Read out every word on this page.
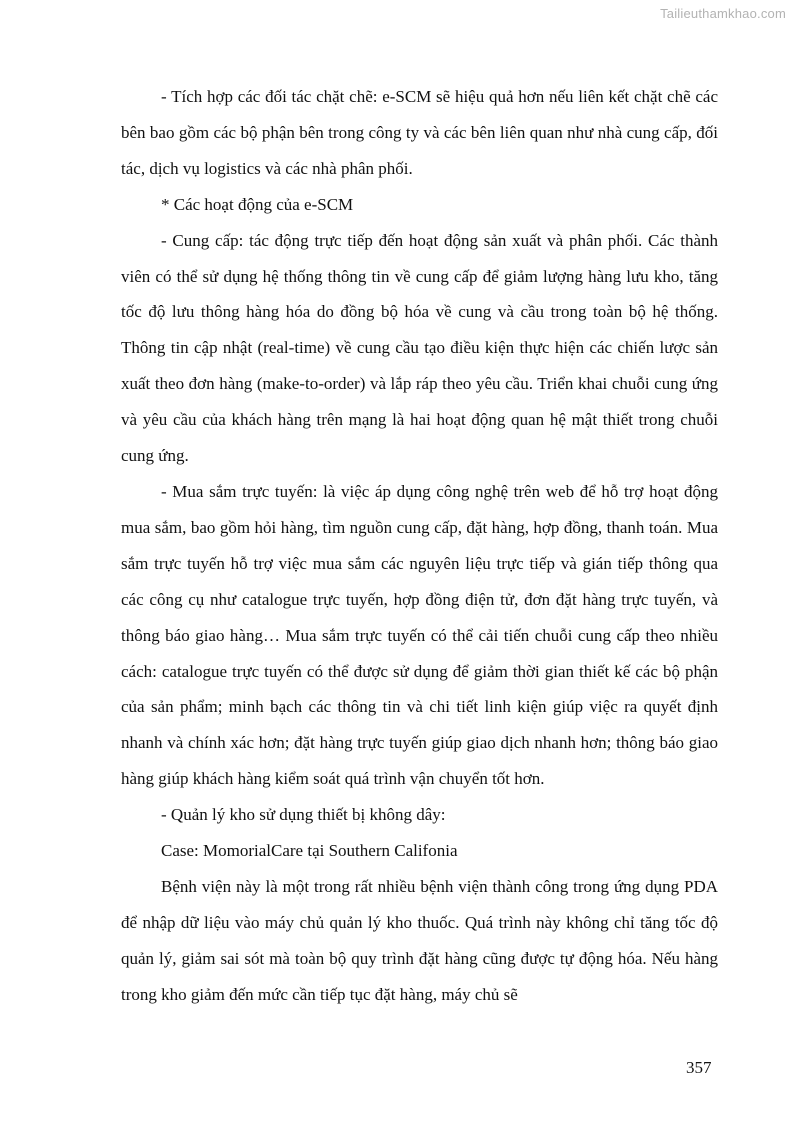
Tailieuthamkhao.com

- Tích hợp các đối tác chặt chẽ: e-SCM sẽ hiệu quả hơn nếu liên kết chặt chẽ các bên bao gồm các bộ phận bên trong công ty và các bên liên quan như nhà cung cấp, đối tác, dịch vụ logistics và các nhà phân phối.

* Các hoạt động của e-SCM

- Cung cấp: tác động trực tiếp đến hoạt động sản xuất và phân phối. Các thành viên có thể sử dụng hệ thống thông tin về cung cấp để giảm lượng hàng lưu kho, tăng tốc độ lưu thông hàng hóa do đồng bộ hóa về cung và cầu trong toàn bộ hệ thống. Thông tin cập nhật (real-time) về cung cầu tạo điều kiện thực hiện các chiến lược sản xuất theo đơn hàng (make-to-order) và lắp ráp theo yêu cầu. Triển khai chuỗi cung ứng và yêu cầu của khách hàng trên mạng là hai hoạt động quan hệ mật thiết trong chuỗi cung ứng.

- Mua sắm trực tuyến: là việc áp dụng công nghệ trên web để hỗ trợ hoạt động mua sắm, bao gồm hỏi hàng, tìm nguồn cung cấp, đặt hàng, hợp đồng, thanh toán. Mua sắm trực tuyến hỗ trợ việc mua sắm các nguyên liệu trực tiếp và gián tiếp thông qua các công cụ như catalogue trực tuyến, hợp đồng điện tử, đơn đặt hàng trực tuyến, và thông báo giao hàng… Mua sắm trực tuyến có thể cải tiến chuỗi cung cấp theo nhiều cách: catalogue trực tuyến có thể được sử dụng để giảm thời gian thiết kế các bộ phận của sản phẩm; minh bạch các thông tin và chi tiết linh kiện giúp việc ra quyết định nhanh và chính xác hơn; đặt hàng trực tuyến giúp giao dịch nhanh hơn; thông báo giao hàng giúp khách hàng kiểm soát quá trình vận chuyển tốt hơn.

- Quản lý kho sử dụng thiết bị không dây:

Case: MomorialCare tại Southern Califonia

Bệnh viện này là một trong rất nhiều bệnh viện thành công trong ứng dụng PDA để nhập dữ liệu vào máy chủ quản lý kho thuốc. Quá trình này không chỉ tăng tốc độ quản lý, giảm sai sót mà toàn bộ quy trình đặt hàng cũng được tự động hóa. Nếu hàng trong kho giảm đến mức cần tiếp tục đặt hàng, máy chủ sẽ

357
